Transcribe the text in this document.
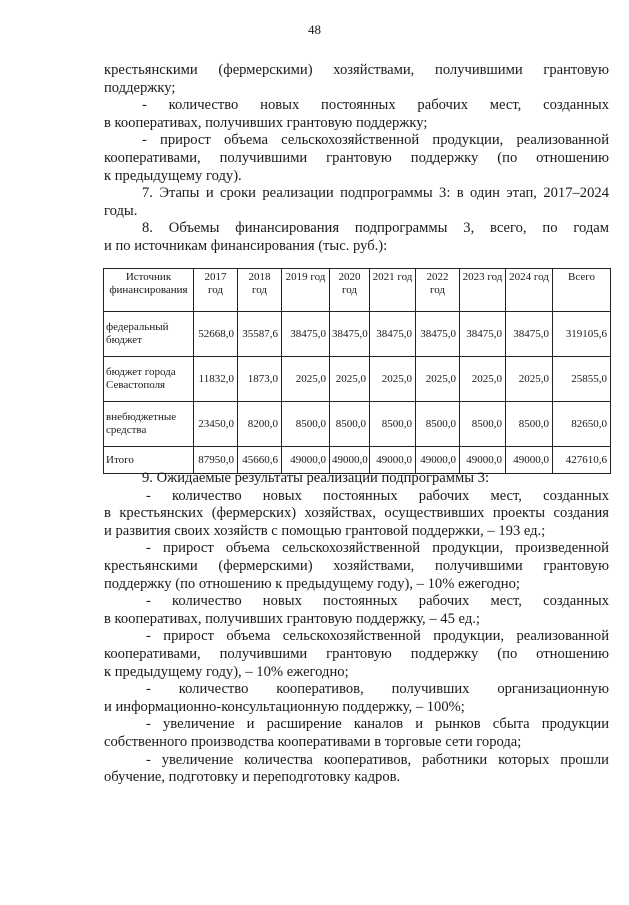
48
крестьянскими (фермерскими) хозяйствами, получившими грантовую
поддержку;
- количество новых постоянных рабочих мест, созданных
в кооперативах, получивших грантовую поддержку;
- прирост объема сельскохозяйственной продукции, реализованной
кооперативами, получившими грантовую поддержку (по отношению
к предыдущему году).
7. Этапы и сроки реализации подпрограммы 3: в один этап, 2017–2024
годы.
8. Объемы финансирования подпрограммы 3, всего, по годам
и по источникам финансирования (тыс. руб.):
Источник финансирования	2017 год	2018 год	2019 год	2020 год	2021 год	2022 год	2023 год	2024 год	Всего
федеральный бюджет	52668,0	35587,6	38475,0	38475,0	38475,0	38475,0	38475,0	38475,0	319105,6
бюджет города Севастополя	11832,0	1873,0	2025,0	2025,0	2025,0	2025,0	2025,0	2025,0	25855,0
внебюджетные средства	23450,0	8200,0	8500,0	8500,0	8500,0	8500,0	8500,0	8500,0	82650,0
Итого	87950,0	45660,6	49000,0	49000,0	49000,0	49000,0	49000,0	49000,0	427610,6
9. Ожидаемые результаты реализации подпрограммы 3:
- количество новых постоянных рабочих мест, созданных
в крестьянских (фермерских) хозяйствах, осуществивших проекты создания
и развития своих хозяйств с помощью грантовой поддержки, – 193 ед.;
- прирост объема сельскохозяйственной продукции, произведенной
крестьянскими (фермерскими) хозяйствами, получившими грантовую
поддержку (по отношению к предыдущему году), – 10% ежегодно;
- количество новых постоянных рабочих мест, созданных
в кооперативах, получивших грантовую поддержку, – 45 ед.;
- прирост объема сельскохозяйственной продукции, реализованной
кооперативами, получившими грантовую поддержку (по отношению
к предыдущему году), – 10% ежегодно;
- количество кооперативов, получивших организационную
и информационно-консультационную поддержку, – 100%;
- увеличение и расширение каналов и рынков сбыта продукции
собственного производства кооперативами в торговые сети города;
- увеличение количества кооперативов, работники которых прошли
обучение, подготовку и переподготовку кадров.
